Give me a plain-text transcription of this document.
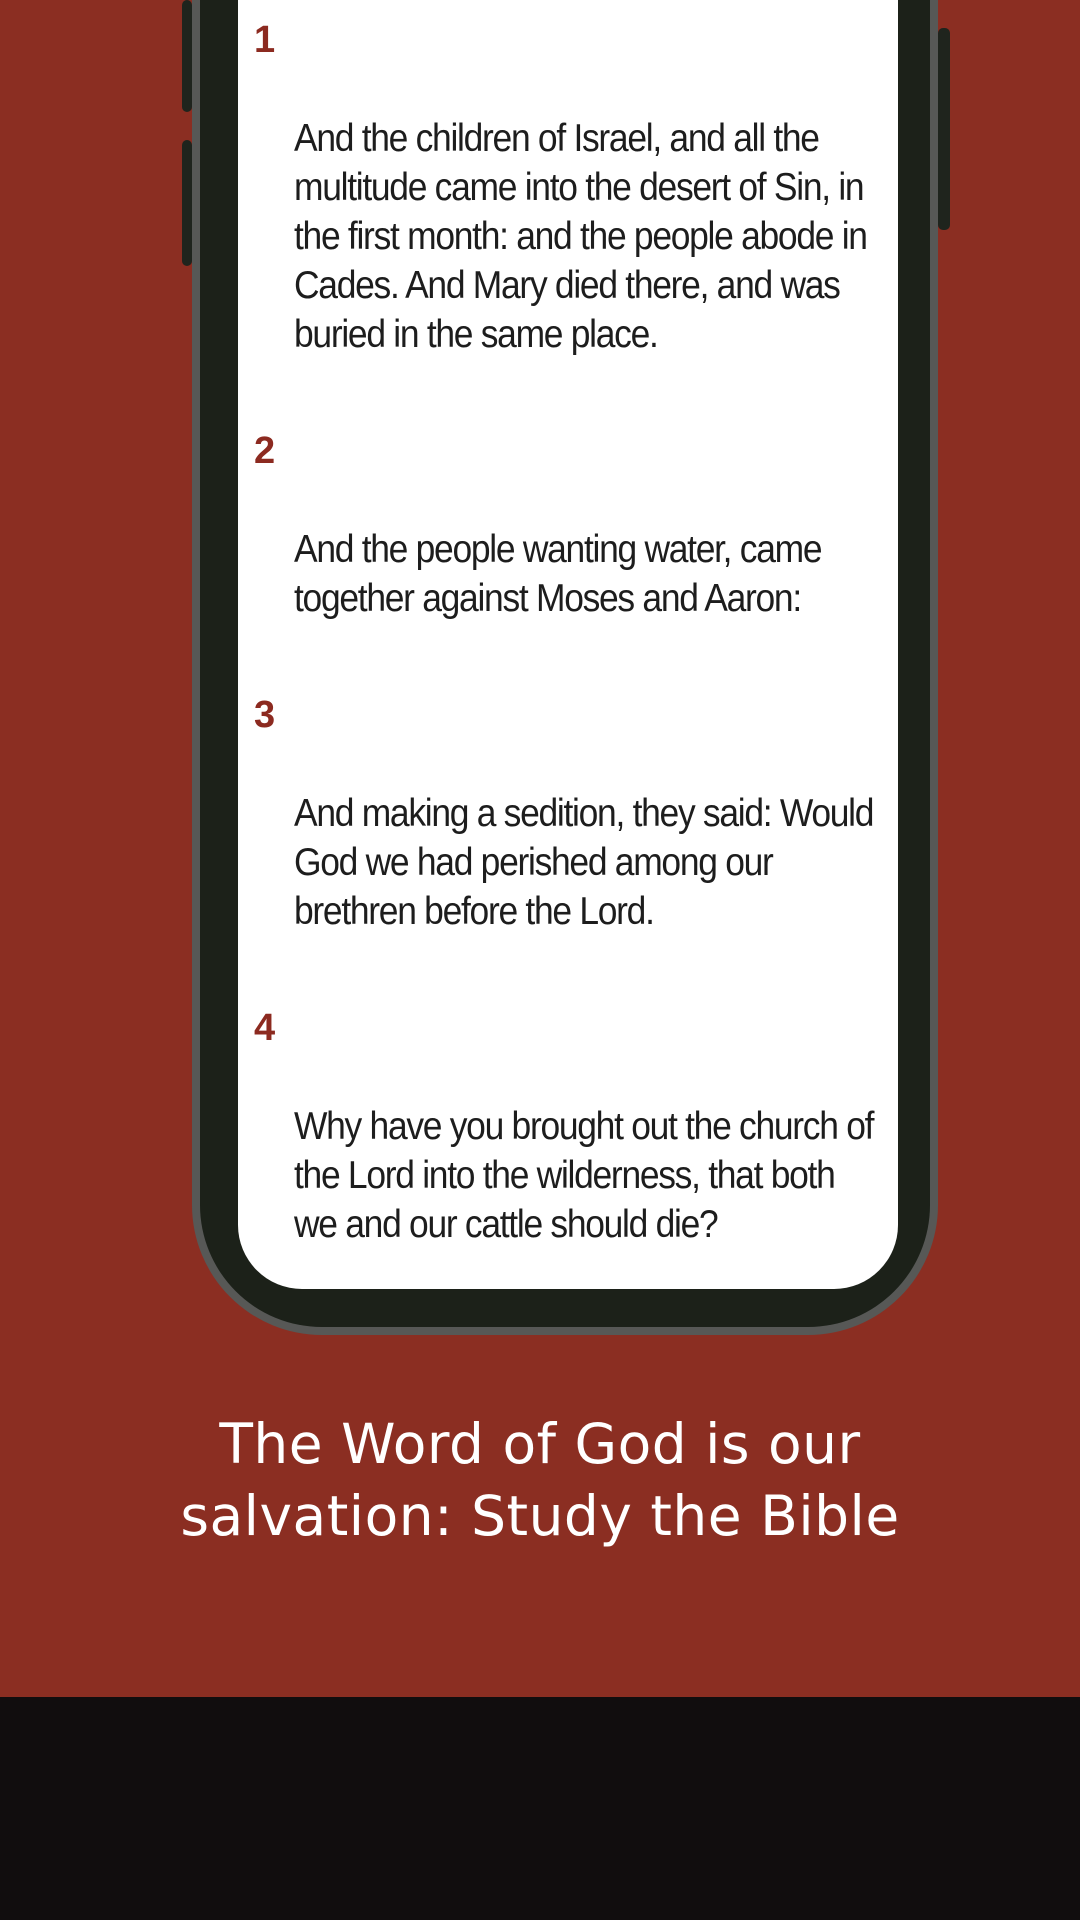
1

And the children of Israel, and all the
multitude came into the desert of Sin, in
the first month: and the people abode in
Cades. And Mary died there, and was
buried in the same place.

2

And the people wanting water, came
together against Moses and Aaron:

3

And making a sedition, they said: Would
God we had perished among our
brethren before the Lord.

4

Why have you brought out the church of
the Lord into the wilderness, that both
we and our cattle should die?

The Word of God is our
salvation: Study the Bible
